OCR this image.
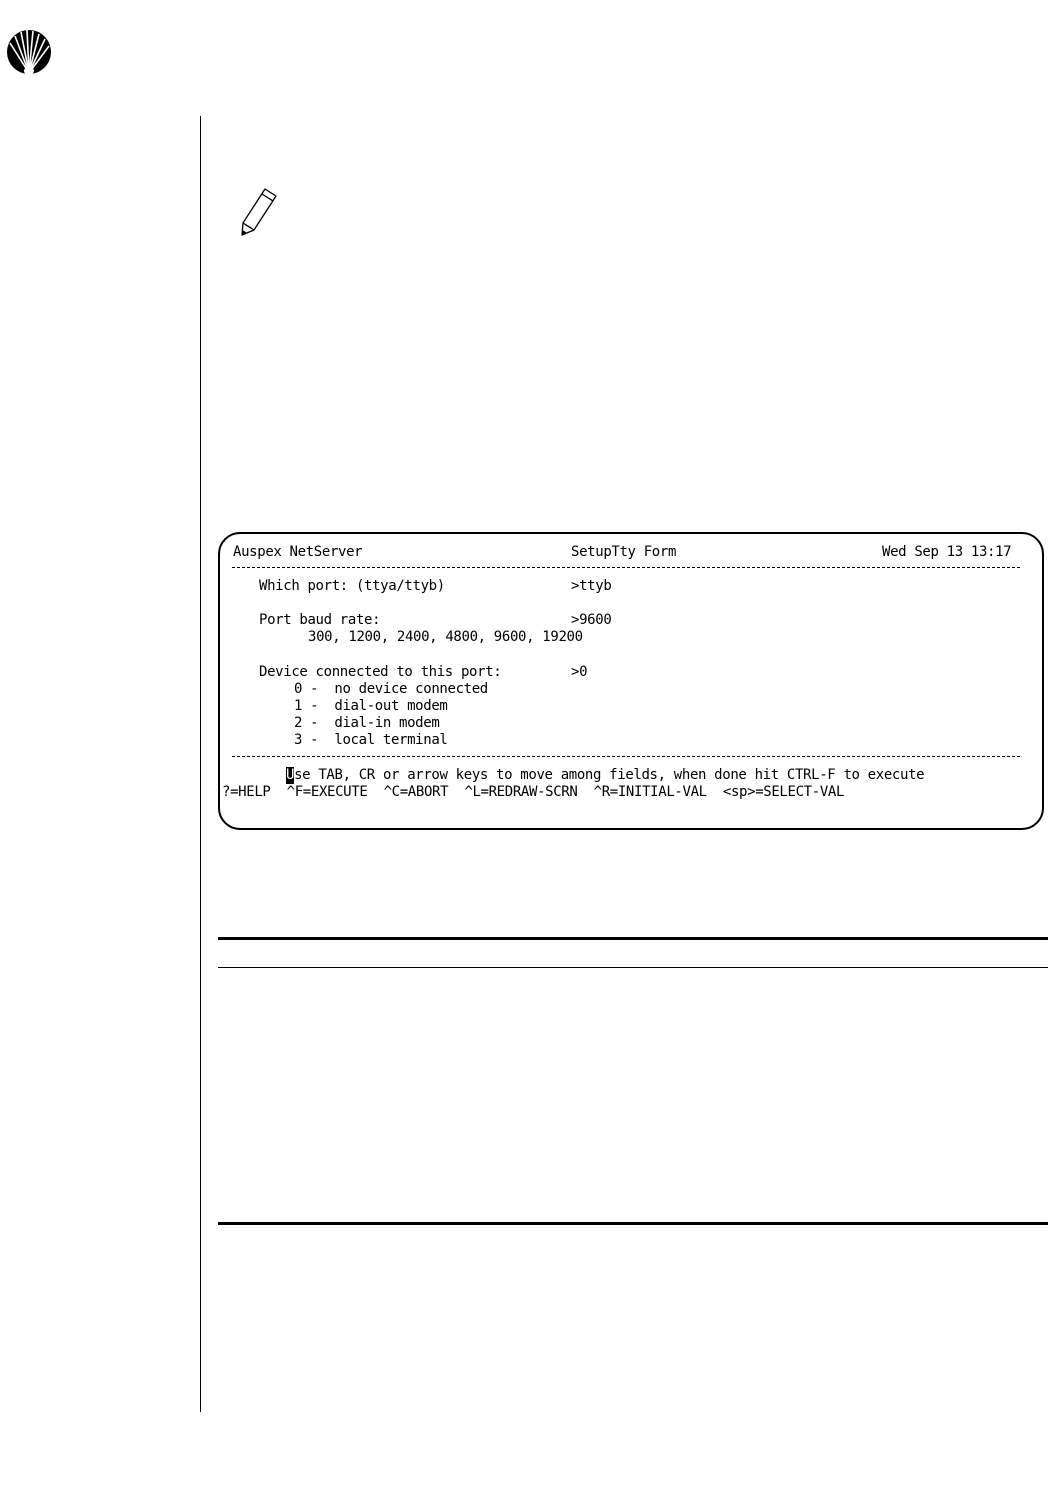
Auspex NetServer	SetupTty Form	Wed Sep 13 13:17
Which port: (ttya/ttyb)	>ttyb
Port baud rate:	>9600
300, 1200, 2400, 4800, 9600, 19200
Device connected to this port:	>0
0 -  no device connected
1 -  dial-out modem
2 -  dial-in modem
3 -  local terminal
Use TAB, CR or arrow keys to move among fields, when done hit CTRL-F to execute
?=HELP  ^F=EXECUTE  ^C=ABORT  ^L=REDRAW-SCRN  ^R=INITIAL-VAL  <sp>=SELECT-VAL
